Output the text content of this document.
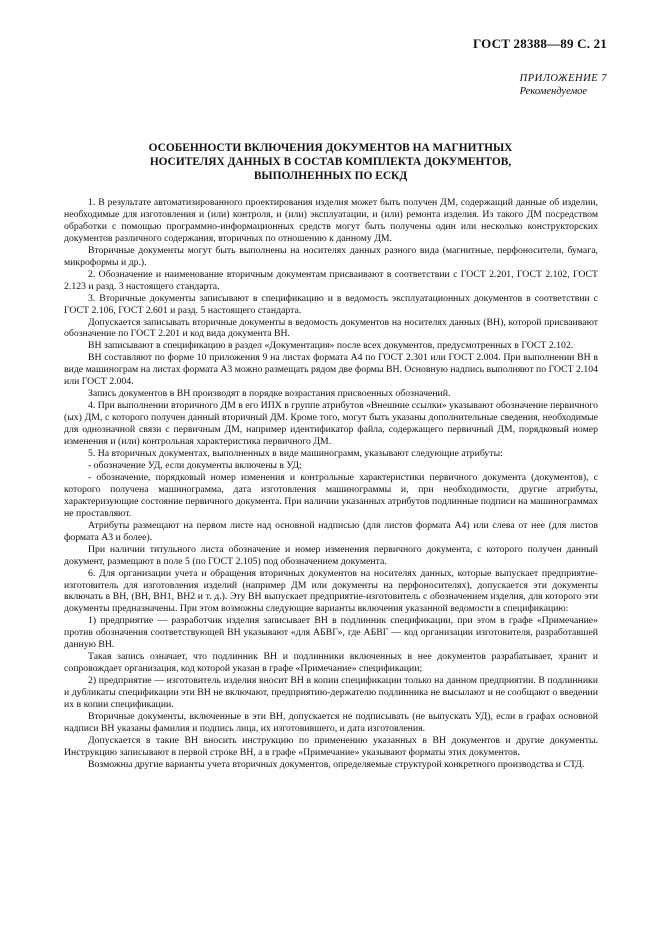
ГОСТ 28388—89 С. 21
ПРИЛОЖЕНИЕ 7
Рекомендуемое
ОСОБЕННОСТИ ВКЛЮЧЕНИЯ ДОКУМЕНТОВ НА МАГНИТНЫХ
НОСИТЕЛЯХ ДАННЫХ В СОСТАВ КОМПЛЕКТА ДОКУМЕНТОВ,
ВЫПОЛНЕННЫХ ПО ЕСКД

1. В результате автоматизированного проектирования изделия может быть получен ДМ, содержащий данные об изделии, необходимые для изготовления и (или) контроля, и (или) эксплуатации, и (или) ремонта изделия. Из такого ДМ посредством обработки с помощью программно-информационных средств могут быть получены один или несколько конструкторских документов различного содержания, вторичных по отношению к данному ДМ.

Вторичные документы могут быть выполнены на носителях данных разного вида (магнитные, перфоносители, бумага, микроформы и др.).

2. Обозначение и наименование вторичным документам присваивают в соответствии с ГОСТ 2.201, ГОСТ 2.102, ГОСТ 2.123 и разд. 3 настоящего стандарта.

3. Вторичные документы записывают в спецификацию и в ведомость эксплуатационных документов в соответствии с ГОСТ 2.106, ГОСТ 2.601 и разд. 5 настоящего стандарта.

Допускается записывать вторичные документы в ведомость документов на носителях данных (ВН), которой присваивают обозначение по ГОСТ 2.201 и код вида документа ВН.

ВН записывают в спецификацию в раздел «Документация» после всех документов, предусмотренных в ГОСТ 2.102.

ВН составляют по форме 10 приложения 9 на листах формата А4 по ГОСТ 2.301 или ГОСТ 2.004. При выполнении ВН в виде машинограм на листах формата А3 можно размещать рядом две формы ВН. Основную надпись выполняют по ГОСТ 2.104 или ГОСТ 2.004.

Запись документов в ВН производят в порядке возрастания присвоенных обозначений.

4. При выполнении вторичного ДМ в его ИПХ в группе атрибутов «Внешние ссылки» указывают обозначение первичного (ых) ДМ, с которого получен данный вторичный ДМ. Кроме того, могут быть указаны дополнительные сведения, необходимые для однозначной связи с первичным ДМ, например идентификатор файла, содержащего первичный ДМ, порядковый номер изменения и (или) контрольная характеристика первичного ДМ.

5. На вторичных документах, выполненных в виде машинограмм, указывают следующие атрибуты:

- обозначение УД, если документы включены в УД;

- обозначение, порядковый номер изменения и контрольные характеристики первичного документа (документов), с которого получена машинограмма, дата изготовления машинограммы и, при необходимости, другие атрибуты, характеризующие состояние первичного документа. При наличии указанных атрибутов подлинные подписи на машинограммах не проставляют.

Атрибуты размещают на первом листе над основной надписью (для листов формата А4) или слева от нее (для листов формата А3 и более).

При наличии титульного листа обозначение и номер изменения первичного документа, с которого получен данный документ, размещают в поле 5 (по ГОСТ 2.105) под обозначением документа.

6. Для организации учета и обращения вторичных документов на носителях данных, которые выпускает предприятие-изготовитель для изготовления изделий (например ДМ или документы на перфоносителях), допускается эти документы включать в ВН, (ВН, ВН1, ВН2 и т. д.). Эту ВН выпускает предприятие-изготовитель с обозначением изделия, для которого эти документы предназначены. При этом возможны следующие варианты включения указанной ведомости в спецификацию:

1) предприятие — разработчик изделия записывает ВН в подлинник спецификации, при этом в графе «Примечание» против обозначения соответствующей ВН указывают «для АБВГ», где АБВГ — код организации изготовителя, разработавшей данную ВН.

Такая запись означает, что подлинник ВН и подлинники включенных в нее документов разрабатывает, хранит и сопровождает организация, код которой указан в графе «Примечание» спецификации;

2) предприятие — изготовитель изделия вносит ВН в копии спецификации только на данном предприятии. В подлинники и дубликаты спецификации эти ВН не включают, предприятию-держателю подлинника не высылают и не сообщают о введении их в копии спецификации.

Вторичные документы, включенные в эти ВН, допускается не подписывать (не выпускать УД), если в графах основной надписи ВН указаны фамилия и подпись лица, их изготовившего, и дата изготовления.

Допускается в такие ВН вносить инструкцию по применению указанных в ВН документов и другие документы. Инструкцию записывают в первой строке ВН, а в графе «Примечание» указывают форматы этих документов.

Возможны другие варианты учета вторичных документов, определяемые структурой конкретного производства и СТД.
